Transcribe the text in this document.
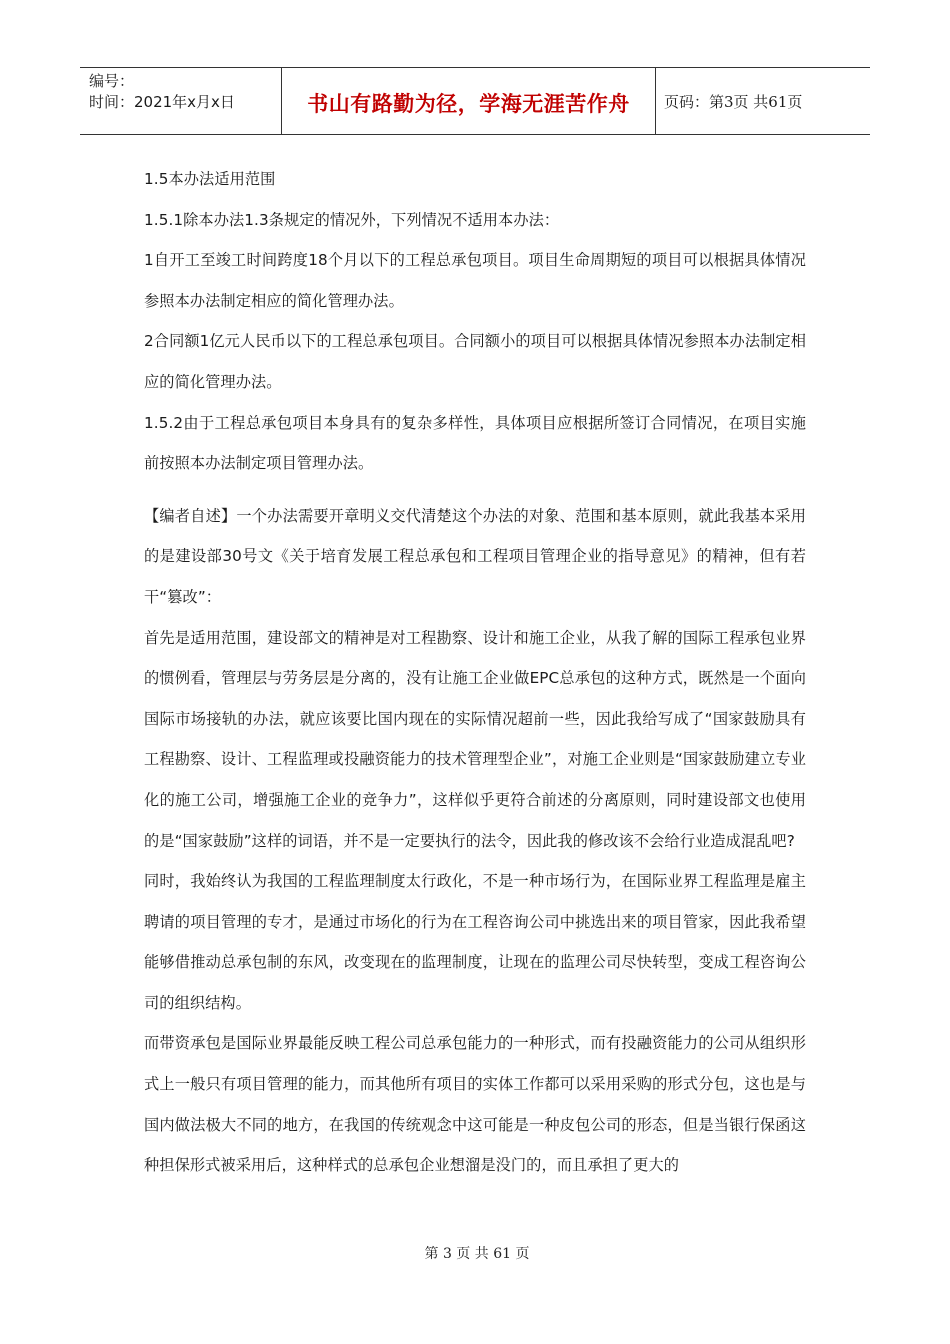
编号：
时间：2021年x月x日	书山有路勤为径，学海无涯苦作舟	页码：第3页 共61页

1.5本办法适用范围

1.5.1除本办法1.3条规定的情况外，下列情况不适用本办法：

1自开工至竣工时间跨度18个月以下的工程总承包项目。项目生命周期短的项目可以根据具体情况参照本办法制定相应的简化管理办法。

2合同额1亿元人民币以下的工程总承包项目。合同额小的项目可以根据具体情况参照本办法制定相应的简化管理办法。

1.5.2由于工程总承包项目本身具有的复杂多样性，具体项目应根据所签订合同情况，在项目实施前按照本办法制定项目管理办法。

【编者自述】一个办法需要开章明义交代清楚这个办法的对象、范围和基本原则，就此我基本采用的是建设部30号文《关于培育发展工程总承包和工程项目管理企业的指导意见》的精神，但有若干“篡改”：

首先是适用范围，建设部文的精神是对工程勘察、设计和施工企业，从我了解的国际工程承包业界的惯例看，管理层与劳务层是分离的，没有让施工企业做EPC总承包的这种方式，既然是一个面向国际市场接轨的办法，就应该要比国内现在的实际情况超前一些，因此我给写成了“国家鼓励具有工程勘察、设计、工程监理或投融资能力的技术管理型企业”，对施工企业则是“国家鼓励建立专业化的施工公司，增强施工企业的竞争力”，这样似乎更符合前述的分离原则，同时建设部文也使用的是“国家鼓励”这样的词语，并不是一定要执行的法令，因此我的修改该不会给行业造成混乱吧?

同时，我始终认为我国的工程监理制度太行政化，不是一种市场行为，在国际业界工程监理是雇主聘请的项目管理的专才，是通过市场化的行为在工程咨询公司中挑选出来的项目管家，因此我希望能够借推动总承包制的东风，改变现在的监理制度，让现在的监理公司尽快转型，变成工程咨询公司的组织结构。

而带资承包是国际业界最能反映工程公司总承包能力的一种形式，而有投融资能力的公司从组织形式上一般只有项目管理的能力，而其他所有项目的实体工作都可以采用采购的形式分包，这也是与国内做法极大不同的地方，在我国的传统观念中这可能是一种皮包公司的形态，但是当银行保函这种担保形式被采用后，这种样式的总承包企业想溜是没门的，而且承担了更大的

第 3 页 共 61 页
